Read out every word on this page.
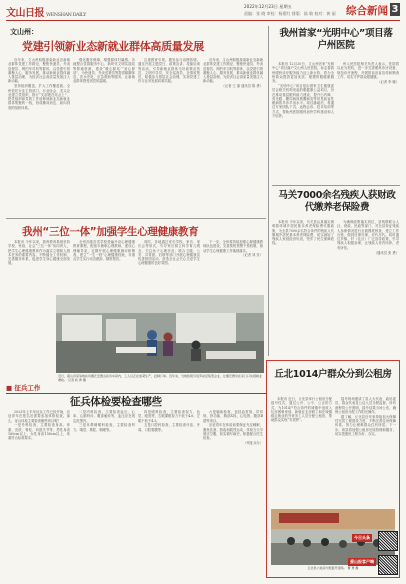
文山日报 WENSHAN DAILY
2022年12月23日 星期五
责编：张 晓 审校：杨建红 排版：陆 敏 校对：黄 丽 综合新闻 3
文山州：
党建引领新业态新就业群体高质量发展

近年来，文山州积极探索新业态新就业群体党建工作路径，聚焦快递员、外卖送餐员、网约车司机等群体，以党建引领凝聚人心、服务发展，推动新就业群体融入基层治理，为经济社会高质量发展注入新动能。

坚持组织覆盖，扩大工作覆盖面。全州依托行业主管部门、行业协会、龙头企业建立党组织，推行“支部建在站点上”，把党组织和党的工作延伸到新业态新就业群体集聚的一线，形成横向到边、纵向到底的组织体系。

强化服务保障，增强群体归属感。各地整合党群服务中心、新时代文明实践站等阵地资源，建设“暖心驿站”“爱心驿站”，为快递员、外卖送餐员等提供歇脚休息、饮水充电、应急救助等服务，让新就业群体感受到党的温暖。

注重教育引领，激发参与治理热情。通过开展主题党日、政策宣讲、技能培训等活动，引导新就业群体当好政策宣传员、文明引导员、安全巡查员、社情收集员，积极参与基层社会治理，实现党建工作与业务发展同频共振。

近年来，文山州积极探索新业态新就业群体党建工作路径，聚焦快递员、外卖送餐员、网约车司机等群体，以党建引领凝聚人心、服务发展，推动新就业群体融入基层治理，为经济社会高质量发展注入新动能。

（记者 王 丽 通讯员 陈 勇）

我州首家“光明中心”项目落户州医院

本报讯 12月20日，文山州首家“光明中心”项目落户文山州人民医院，标志着我州眼科诊疗服务能力迈上新台阶，将为全州群众提供更加优质、便捷的眼健康服务。

“光明中心”项目是由国家卫生健康委员会相关机构发起的眼健康公益项目，旨在推动基层眼科能力建设，提升白内障、青光眼、糖尿病视网膜病变等常见致盲性眼病的早诊早治水平。项目落地后，将通过专家团队下沉、远程会诊、技术培训等方式，帮助州医院眼科加快学科建设和人才培养。

州人民医院相关负责人表示，医院将以此为契机，进一步完善眼科诊疗设备，规范诊疗流程，开展防盲治盲宣传和筛查工作，切实守护群众眼健康。

（记者 李 娜）

马关7000余名残疾人获财政代缴养老保险费

本报讯 今年以来，马关县认真落实困难群体城乡居民基本养老保险费代缴政策，为全县7000余名符合条件的残疾人代缴城乡居民基本养老保险费，切实减轻了残疾人家庭经济负担，兜牢了民生保障底线。

为确保政策落实到位，县残联联合人社、财政、民政等部门，对全县持证残疾人参保情况进行全面摸底核查，建立工作台账，做到应保尽保、应代尽代。同时通过乡镇、村（社区）广泛宣传政策，引导残疾人积极参保，让残疾人老有所养、老有所依。

（通讯员 张 勇）

我州“三位一体”加强学生心理健康教育

本报讯 今年以来，我州教育系统坚持学校、家庭、社会“三位一体”协同育人，把学生心理健康教育作为落实立德树人根本任务的重要内容，不断健全工作机制、完善服务体系，促进学生身心健康全面发展。

全州各级各类学校普遍开设心理健康教育课程，配备专兼职心理教师，建设心理辅导室，定期开展心理健康测评和筛查，建立“一生一档”心理健康档案，对重点学生实行动态跟踪、精准帮扶。

同时，各地通过家长学校、家访、家长会等形式，引导家长树立科学育儿观念，关注孩子心理状况；联合卫健、公安、共青团、妇联等部门开展心理健康宣传进校园活动，营造全社会关心关爱学生心理健康的良好氛围。

下一步，全州将持续加强心理健康教师队伍建设，完善预防预警干预机制，推动学生心理健康工作落细落实。

（记者 刘 芳）

近日，砚山县某易地扶贫搬迁安置点扶贫车间内，工人们正在加紧生产，赶制订单。近年来，当地积极引进劳动密集型企业，让搬迁群众在家门口实现就业增收。 记者 杨 勇 摄
■ 征兵工作
征兵体检要检查哪些

2023年上半年征兵工作已经开始，应征青年在报名后需要参加体格检查。那么，征兵体检主要检查哪些项目呢？

一是外科检查，主要检查身高、体重、皮肤、脊柱、四肢关节等，男性身高160cm以上、女性身高158cm以上，体重符合标准要求。

二是内科检查，主要检查血压、心率、心肺听诊、腹部触诊等，血压应在规定范围内。

三是耳鼻咽喉科检查，主要检查听力、嗅觉、鼻腔、咽喉等。

四是眼科检查，主要检查视力、色觉、眼底等，右眼裸眼视力不低于4.6、左眼不低于4.5。

五是口腔科检查，主要检查牙齿、牙周、口腔黏膜等。

六是辅助检查，包括血常规、尿常规、肝功能、胸部X线、心电图、腹部B超等项目。

应征青年在体检前要保证充足睡眠，避免饮酒、熬夜和剧烈运动，体检当天早晨应空腹，如实填写病史，积极配合医生检查。

（州征兵办）

丘北1014户群众分到公租房

本报讯 近日，丘北县举行公租房分配摇号仪式，通过公开、公平、公正的方式，为1014户符合条件的城镇中低收入住房困难家庭、新就业无房职工和在城镇稳定就业的外来务工人员分配公租房，帮助群众实现“安居梦”。

摇号现场邀请了县人大代表、政协委员、群众代表及公证人员全程监督，所有流程均公开透明，摇号结果当场公布，确保公租房分配工作阳光操作。

据了解，丘北县近年来持续加大保障性安居工程建设力度，不断完善住房保障体系，努力让困难群众住有所居。下一步，该县将加强公租房后续管理和服务，切实把惠民工程办好、办实。

丘北县公租房分配摇号现场。 曹 勇 摄
今日头条
爱山报客户端
